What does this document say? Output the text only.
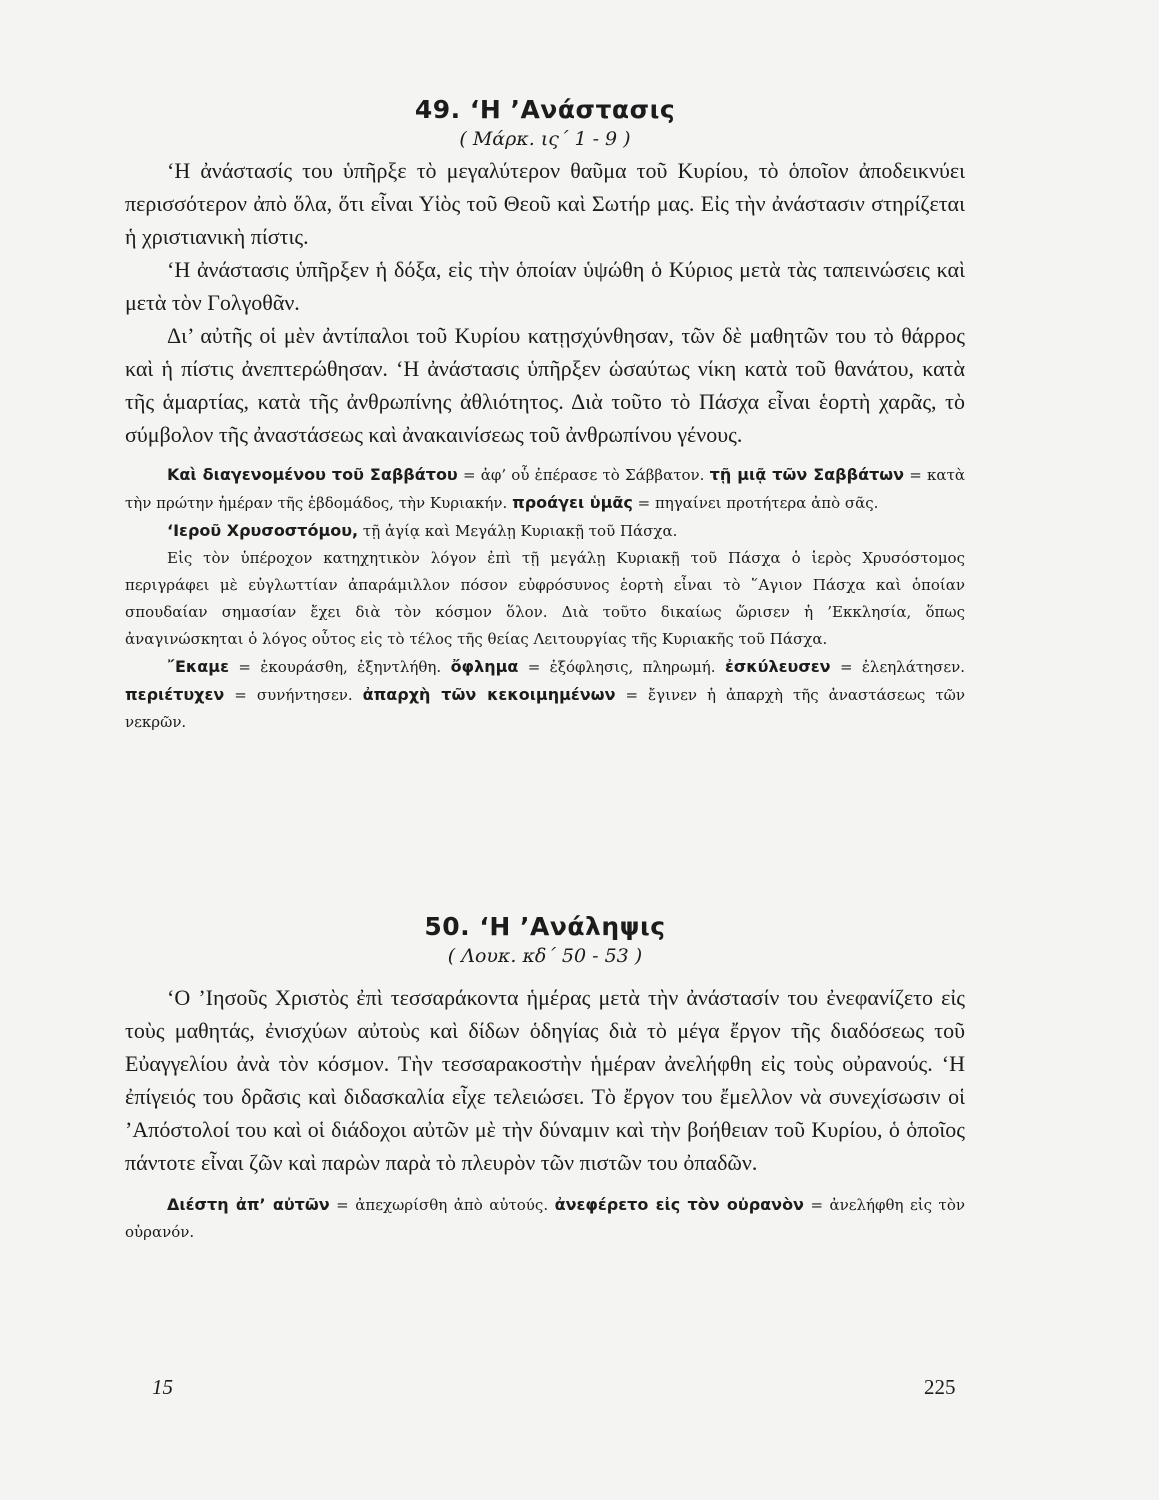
49. ‘Η ’Ανάστασις
( Μάρκ. ις΄ 1 - 9 )

‘Η ἀνάστασίς του ὑπῆρξε τὸ μεγαλύτερον θαῦμα τοῦ Κυρίου, τὸ ὁποῖον ἀποδεικνύει περισσότερον ἀπὸ ὅλα, ὅτι εἶναι Υἱὸς τοῦ Θεοῦ καὶ Σωτήρ μας. Εἰς τὴν ἀνάστασιν στηρίζεται ἡ χριστιανικὴ πίστις.

‘Η ἀνάστασις ὑπῆρξεν ἡ δόξα, εἰς τὴν ὁποίαν ὑψώθη ὁ Κύριος μετὰ τὰς ταπεινώσεις καὶ μετὰ τὸν Γολγοθᾶν.

Δι’ αὐτῆς οἱ μὲν ἀντίπαλοι τοῦ Κυρίου κατῃσχύνθησαν, τῶν δὲ μαθητῶν του τὸ θάρρος καὶ ἡ πίστις ἀνεπτερώθησαν. ‘Η ἀνάστασις ὑπῆρξεν ὡσαύτως νίκη κατὰ τοῦ θανάτου, κατὰ τῆς ἁμαρτίας, κατὰ τῆς ἀνθρωπίνης ἀθλιότητος. Διὰ τοῦτο τὸ Πάσχα εἶναι ἑορτὴ χαρᾶς, τὸ σύμβολον τῆς ἀναστάσεως καὶ ἀνακαινίσεως τοῦ ἀνθρωπίνου γένους.

Καὶ διαγενομένου τοῦ Σαββάτου = ἀφ’ οὗ ἐπέρασε τὸ Σάββατον. τῇ μιᾷ τῶν Σαββάτων = κατὰ τὴν πρώτην ἡμέραν τῆς ἑβδομάδος, τὴν Κυριακήν. προάγει ὑμᾶς = πηγαίνει προτήτερα ἀπὸ σᾶς.

‘Ιεροῦ Χρυσοστόμου, τῇ ἁγίᾳ καὶ Μεγάλῃ Κυριακῇ τοῦ Πάσχα.

Εἰς τὸν ὑπέροχον κατηχητικὸν λόγον ἐπὶ τῇ μεγάλῃ Κυριακῇ τοῦ Πάσχα ὁ ἱερὸς Χρυσόστομος περιγράφει μὲ εὐγλωττίαν ἀπαράμιλλον πόσον εὐφρόσυνος ἑορτὴ εἶναι τὸ ῞Αγιον Πάσχα καὶ ὁποίαν σπουδαίαν σημασίαν ἔχει διὰ τὸν κόσμον ὅλον. Διὰ τοῦτο δικαίως ὥρισεν ἡ ’Εκκλησία, ὅπως ἀναγινώσκηται ὁ λόγος οὗτος εἰς τὸ τέλος τῆς θείας Λειτουργίας τῆς Κυριακῆς τοῦ Πάσχα.

῎Εκαμε = ἐκουράσθη, ἐξηντλήθη. ὄφλημα = ἐξόφλησις, πληρωμή. ἐσκύλευσεν = ἐλεηλάτησεν. περιέτυχεν = συνήντησεν. ἀπαρχὴ τῶν κεκοιμημένων = ἔγινεν ἡ ἀπαρχὴ τῆς ἀναστάσεως τῶν νεκρῶν.

50. ‘Η ’Ανάληψις
( Λουκ. κδ΄ 50 - 53 )

‘Ο ’Ιησοῦς Χριστὸς ἐπὶ τεσσαράκοντα ἡμέρας μετὰ τὴν ἀνάστασίν του ἐνεφανίζετο εἰς τοὺς μαθητάς, ἐνισχύων αὐτοὺς καὶ δίδων ὁδηγίας διὰ τὸ μέγα ἔργον τῆς διαδόσεως τοῦ Εὐαγγελίου ἀνὰ τὸν κόσμον. Τὴν τεσσαρακοστὴν ἡμέραν ἀνελήφθη εἰς τοὺς οὐρανούς. ‘Η ἐπίγειός του δρᾶσις καὶ διδασκαλία εἶχε τελειώσει. Τὸ ἔργον του ἔμελλον νὰ συνεχίσωσιν οἱ ’Απόστολοί του καὶ οἱ διάδοχοι αὐτῶν μὲ τὴν δύναμιν καὶ τὴν βοήθειαν τοῦ Κυρίου, ὁ ὁποῖος πάντοτε εἶναι ζῶν καὶ παρὼν παρὰ τὸ πλευρὸν τῶν πιστῶν του ὀπαδῶν.

Διέστη ἀπ’ αὐτῶν = ἀπεχωρίσθη ἀπὸ αὐτούς. ἀνεφέρετο εἰς τὸν οὐρανὸν = ἀνελήφθη εἰς τὸν οὐρανόν.

15	225
